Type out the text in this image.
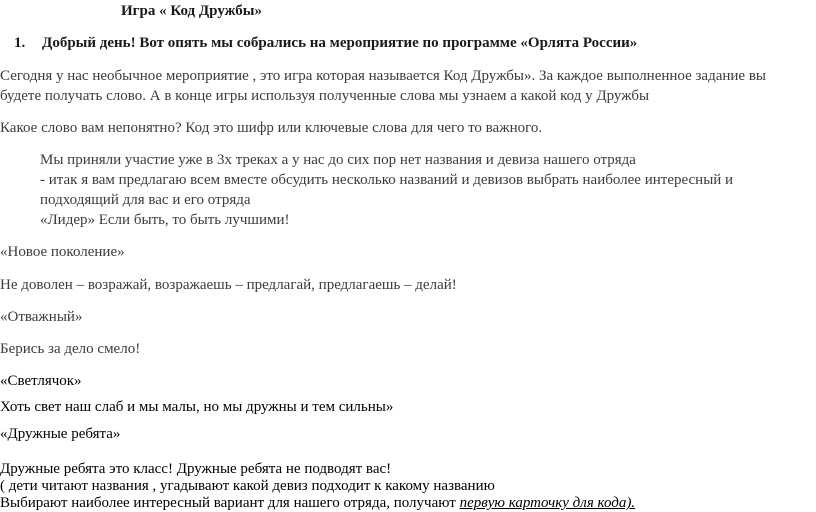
Игра « Код Дружбы»
1. Добрый день! Вот опять мы собрались на мероприятие по программе «Орлята России»
Сегодня у нас необычное мероприятие , это игра которая называется Код Дружбы». За каждое выполненное задание вы
будете получать слово. А в конце игры используя полученные слова мы узнаем а какой код у Дружбы
Какое слово вам непонятно? Код это шифр или ключевые слова для чего то важного.
Мы приняли участие уже в 3х треках а у нас до сих пор нет названия и девиза нашего отряда
- итак я вам предлагаю всем вместе обсудить несколько названий и девизов выбрать наиболее интересный и
подходящий для вас и его отряда
«Лидер» Если быть, то быть лучшими!
«Новое поколение»
Не доволен – возражай, возражаешь – предлагай, предлагаешь – делай!
«Отважный»
Берись за дело смело!
«Светлячок»
Хоть свет наш слаб и мы малы, но мы дружны и тем сильны»
«Дружные ребята»
Дружные ребята это класс! Дружные ребята не подводят вас!
( дети читают названия , угадывают какой девиз подходит к какому названию
Выбирают наиболее интересный вариант для нашего отряда, получают первую карточку для кода).
